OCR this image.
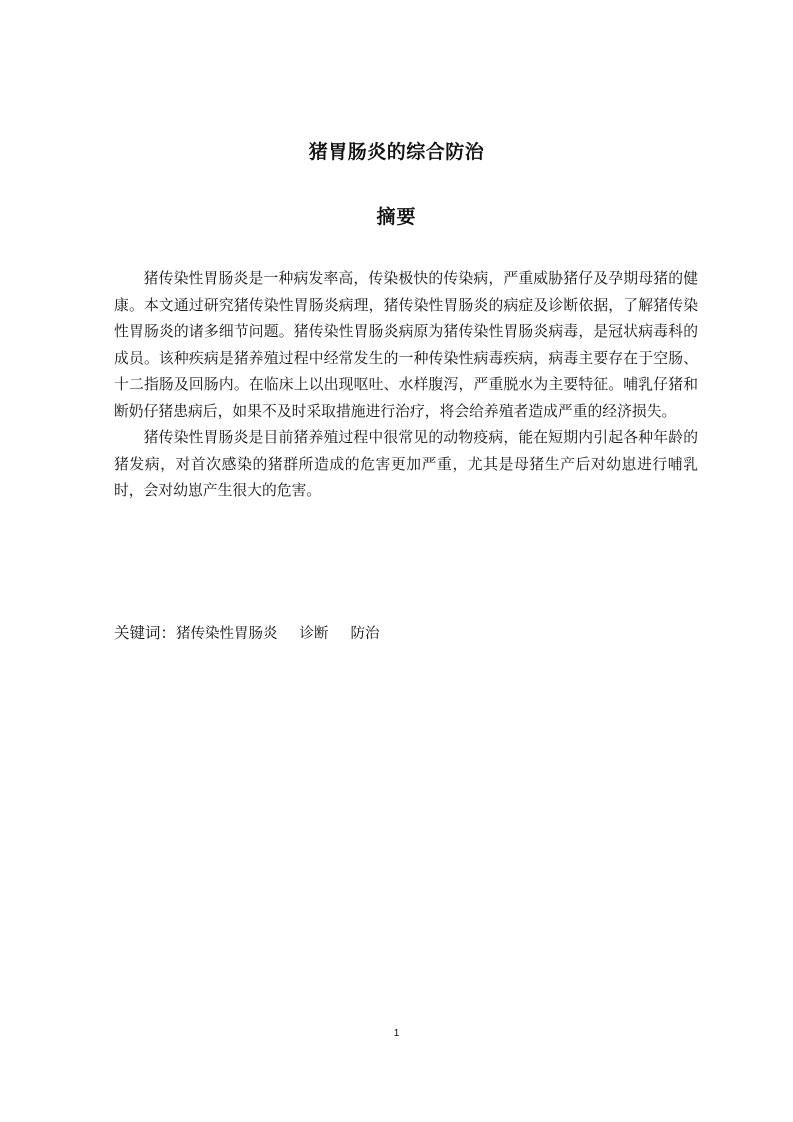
猪胃肠炎的综合防治
摘要

猪传染性胃肠炎是一种病发率高，传染极快的传染病，严重威胁猪仔及孕期母猪的健康。本文通过研究猪传染性胃肠炎病理，猪传染性胃肠炎的病症及诊断依据，了解猪传染性胃肠炎的诸多细节问题。猪传染性胃肠炎病原为猪传染性胃肠炎病毒，是冠状病毒科的成员。该种疾病是猪养殖过程中经常发生的一种传染性病毒疾病，病毒主要存在于空肠、十二指肠及回肠内。在临床上以出现呕吐、水样腹泻，严重脱水为主要特征。哺乳仔猪和断奶仔猪患病后，如果不及时采取措施进行治疗，将会给养殖者造成严重的经济损失。

猪传染性胃肠炎是目前猪养殖过程中很常见的动物疫病，能在短期内引起各种年龄的猪发病，对首次感染的猪群所造成的危害更加严重，尤其是母猪生产后对幼崽进行哺乳时，会对幼崽产生很大的危害。

关键词：猪传染性胃肠炎 诊断 防治
1
